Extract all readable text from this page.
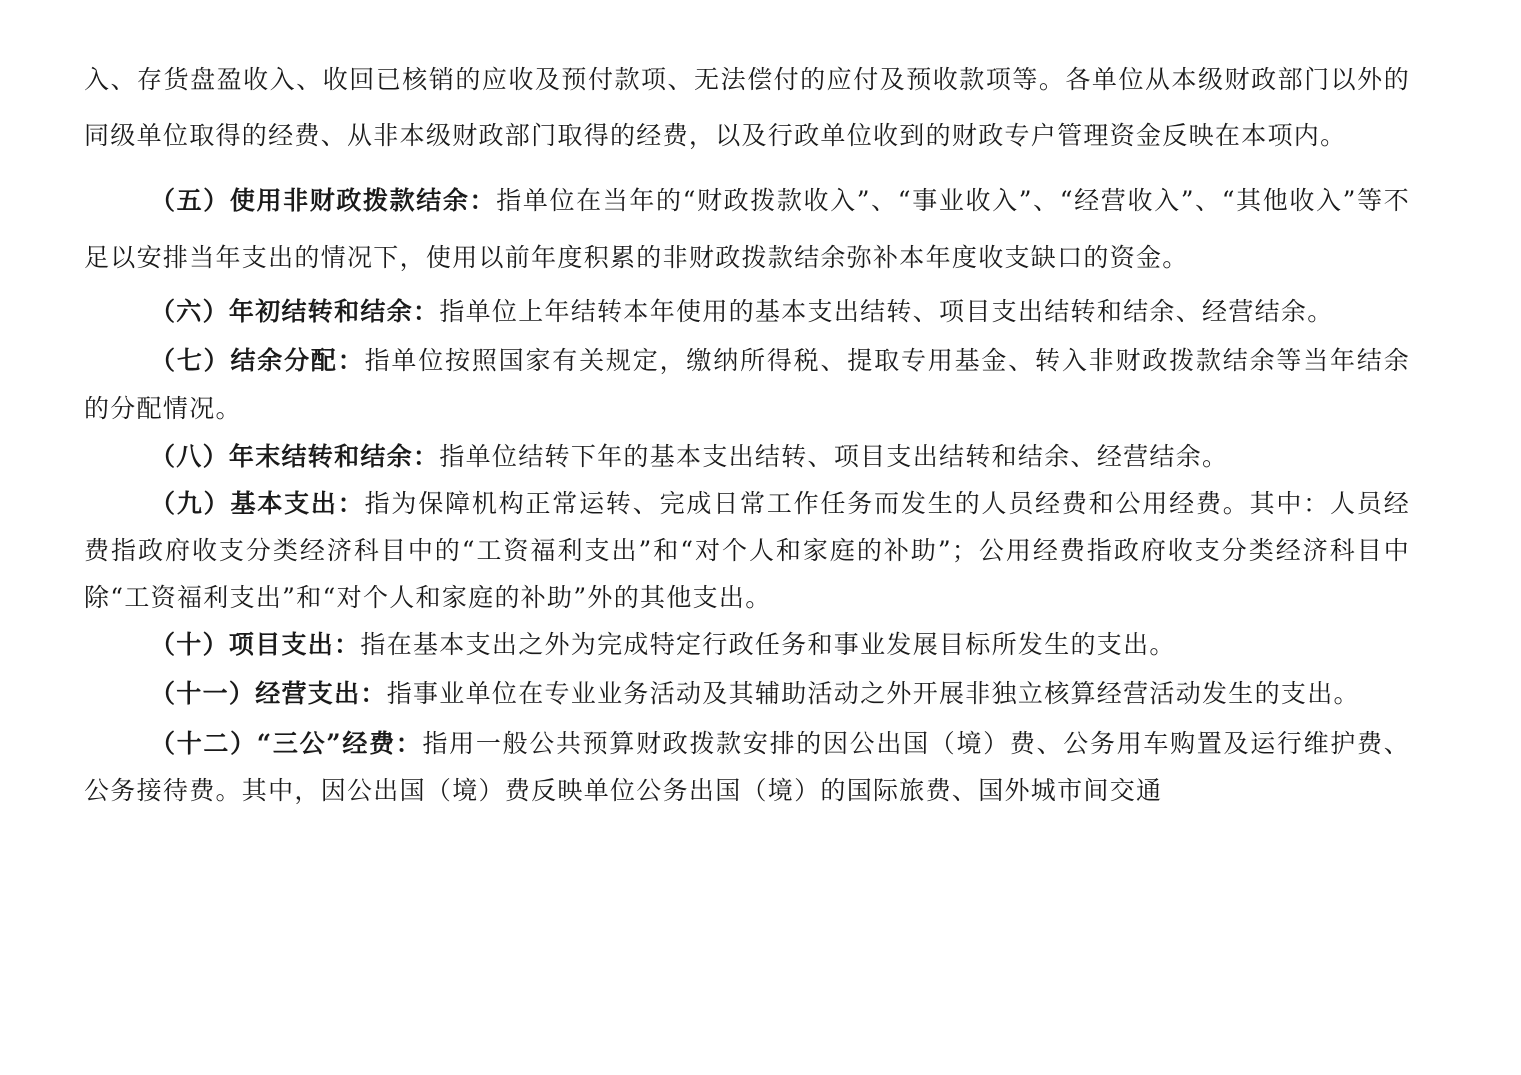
入、存货盘盈收入、收回已核销的应收及预付款项、无法偿付的应付及预收款项等。各单位从本级财政部门以外的同级单位取得的经费、从非本级财政部门取得的经费，以及行政单位收到的财政专户管理资金反映在本项内。

（五）使用非财政拨款结余：指单位在当年的“财政拨款收入”、“事业收入”、“经营收入”、“其他收入”等不足以安排当年支出的情况下，使用以前年度积累的非财政拨款结余弥补本年度收支缺口的资金。

（六）年初结转和结余：指单位上年结转本年使用的基本支出结转、项目支出结转和结余、经营结余。

（七）结余分配：指单位按照国家有关规定，缴纳所得税、提取专用基金、转入非财政拨款结余等当年结余的分配情况。

（八）年末结转和结余：指单位结转下年的基本支出结转、项目支出结转和结余、经营结余。

（九）基本支出：指为保障机构正常运转、完成日常工作任务而发生的人员经费和公用经费。其中：人员经费指政府收支分类经济科目中的“工资福利支出”和“对个人和家庭的补助”；公用经费指政府收支分类经济科目中除“工资福利支出”和“对个人和家庭的补助”外的其他支出。

（十）项目支出：指在基本支出之外为完成特定行政任务和事业发展目标所发生的支出。

（十一）经营支出：指事业单位在专业业务活动及其辅助活动之外开展非独立核算经营活动发生的支出。

（十二）“三公”经费：指用一般公共预算财政拨款安排的因公出国（境）费、公务用车购置及运行维护费、公务接待费。其中，因公出国（境）费反映单位公务出国（境）的国际旅费、国外城市间交通
